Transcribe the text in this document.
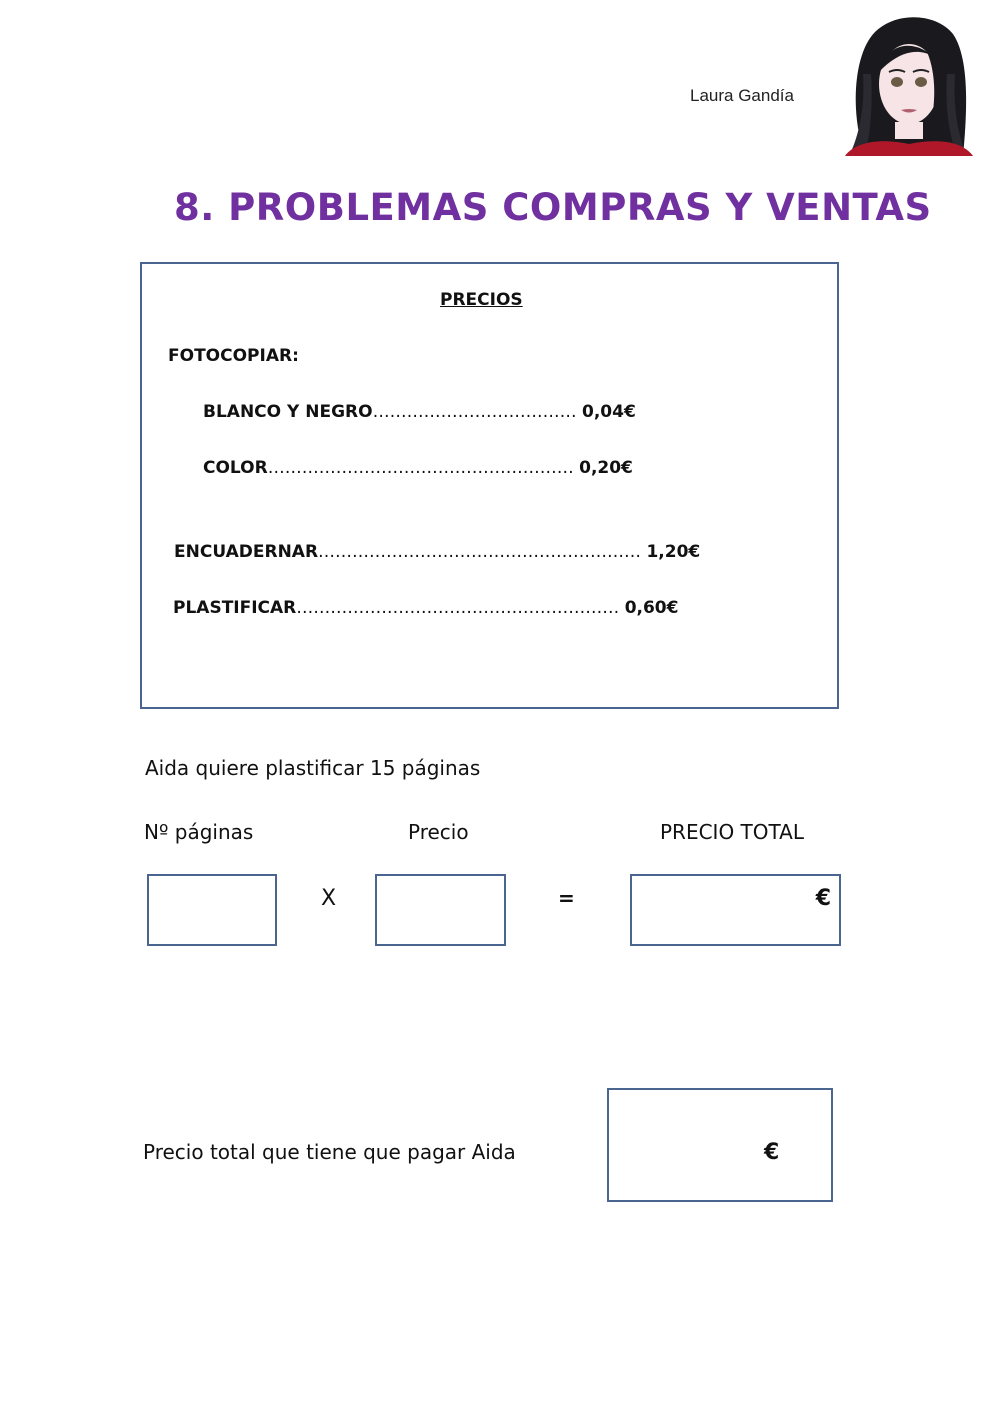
Laura Gandía
8. PROBLEMAS COMPRAS Y VENTAS
PRECIOS
FOTOCOPIAR:
BLANCO Y NEGRO……………………………… 0,04€
COLOR……………………………………………… 0,20€
ENCUADERNAR………………………………………………… 1,20€
PLASTIFICAR………………………………………………… 0,60€
Aida quiere plastificar 15 páginas
Nº páginas	Precio	PRECIO TOTAL
X	=	€
Precio total que tiene que pagar Aida	€
